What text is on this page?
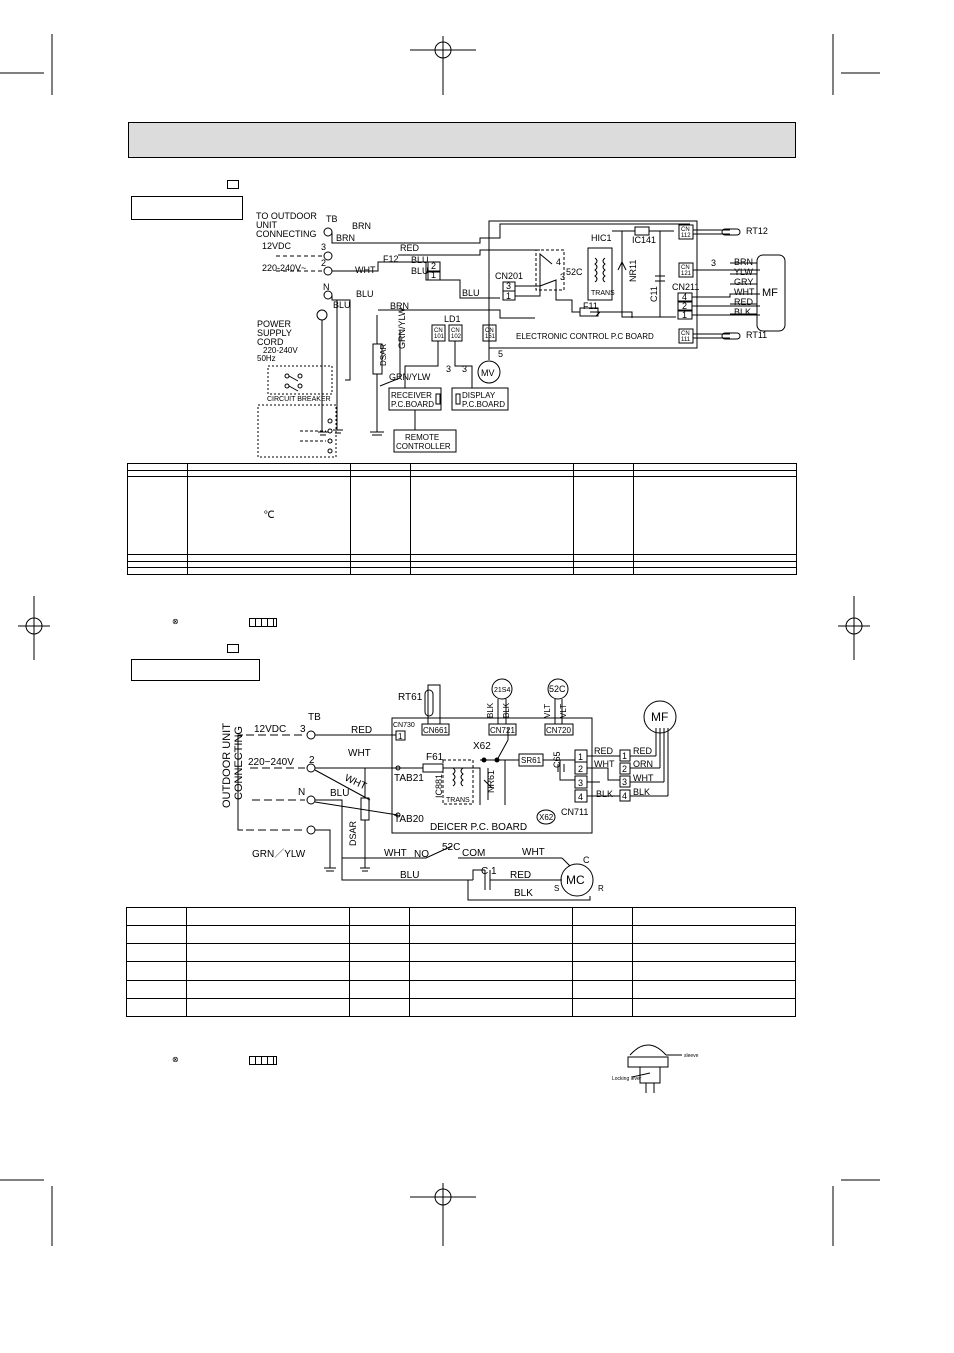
TO OUTDOOR
UNIT
CONNECTING
TB
BRN
BRN
12VDC	3	RED
220-240V~ 2	F12 BLU
BLU 2
1
WHT
N
BLU
BLU
BLU
BRN
CN201
3
1
4
3 52C
HIC1
TRANS
IC141
NR11
C11
F11
CN
112
CN
121
CN211
4
2
1
CN
111
RT12
RT11
3 BRN
YLW
GRY
WHT
RED
BLK
MF
LD1
ELECTRONIC CONTROL P.C BOARD
CN
101
CN
102
CN
151
5
MV
3 3
GRN/YLW
DSAR
GRN/YLW
RECEIVER
P.C.BOARD
DISPLAY
P.C.BOARD
REMOTE
CONTROLLER
POWER
SUPPLY
CORD
220-240V
50Hz
CIRCUIT BREAKER

	℃				

⊗
OUTDOOR UNIT CONNECTING
TB
12VDC 3
220−240V 2
N
RED
WHT
WHT
BLU
GRN／YLW
DSAR
CN730
1
RT61
CN661
21S4
BLK BLK
CN721
52C
VLT VLT
CN720
X62
F61
TAB21 IC881
TRANS
NR61
SR61 C65 1
2
3
4
RED
WHT
BLK
1
2
3
4
RED
ORN
WHT
BLK
MF
TAB20
CN711
DEICER P.C. BOARD
X62
52C
WHT NO	COM	WHT
C
BLU	C 1 RED	MC
BLK	S	R

⊗	sleeve
Locking lever
